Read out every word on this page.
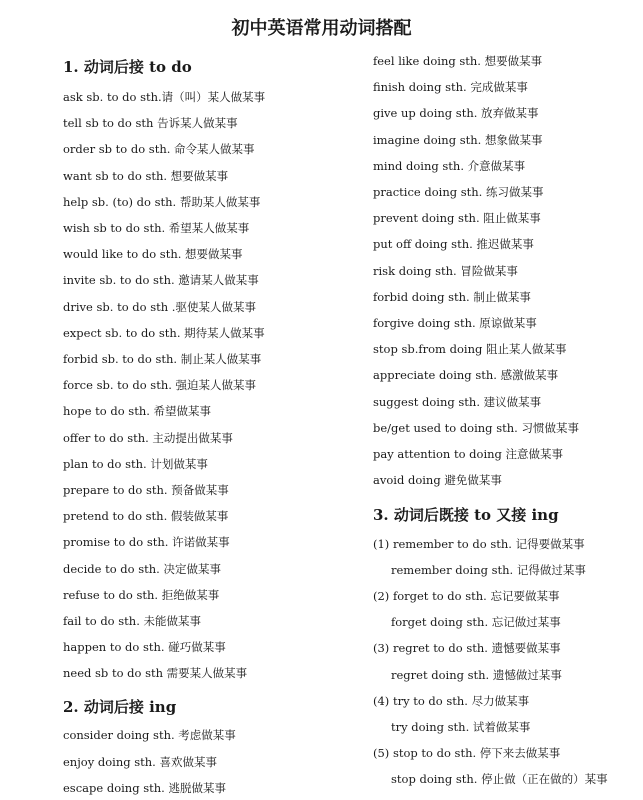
初中英语常用动词搭配
1. 动词后接 to do
ask sb. to do sth.请（叫）某人做某事
tell sb to do sth 告诉某人做某事
order sb to do sth. 命令某人做某事
want sb to do sth. 想要做某事
help sb. (to) do sth. 帮助某人做某事
wish sb to do sth. 希望某人做某事
would like to do sth. 想要做某事
invite sb. to do sth. 邀请某人做某事
drive sb. to do sth .驱使某人做某事
expect sb. to do sth. 期待某人做某事
forbid sb. to do sth. 制止某人做某事
force sb. to do sth. 强迫某人做某事
hope to do sth. 希望做某事
offer to do sth. 主动提出做某事
plan to do sth. 计划做某事
prepare to do sth. 预备做某事
pretend to do sth. 假装做某事
promise to do sth. 许诺做某事
decide to do sth. 决定做某事
refuse to do sth. 拒绝做某事
fail to do sth. 未能做某事
happen to do sth. 碰巧做某事
need sb to do sth 需要某人做某事
2. 动词后接 ing
consider doing sth. 考虑做某事
enjoy doing sth. 喜欢做某事
escape doing sth. 逃脱做某事
feel like doing sth. 想要做某事
finish doing sth. 完成做某事
give up doing sth. 放弃做某事
imagine doing sth. 想象做某事
mind doing sth. 介意做某事
practice doing sth. 练习做某事
prevent doing sth. 阻止做某事
put off doing sth. 推迟做某事
risk doing sth. 冒险做某事
forbid doing sth. 制止做某事
forgive doing sth. 原谅做某事
stop sb.from doing 阻止某人做某事
appreciate doing sth. 感激做某事
suggest doing sth. 建议做某事
be/get used to doing sth. 习惯做某事
pay attention to doing 注意做某事
avoid doing 避免做某事
3. 动词后既接 to 又接 ing
(1) remember to do sth. 记得要做某事
remember doing sth. 记得做过某事
(2) forget to do sth. 忘记要做某事
forget doing sth. 忘记做过某事
(3) regret to do sth. 遗憾要做某事
regret doing sth. 遗憾做过某事
(4) try to do sth. 尽力做某事
try doing sth. 试着做某事
(5) stop to do sth. 停下来去做某事
stop doing sth. 停止做（正在做的）某事
